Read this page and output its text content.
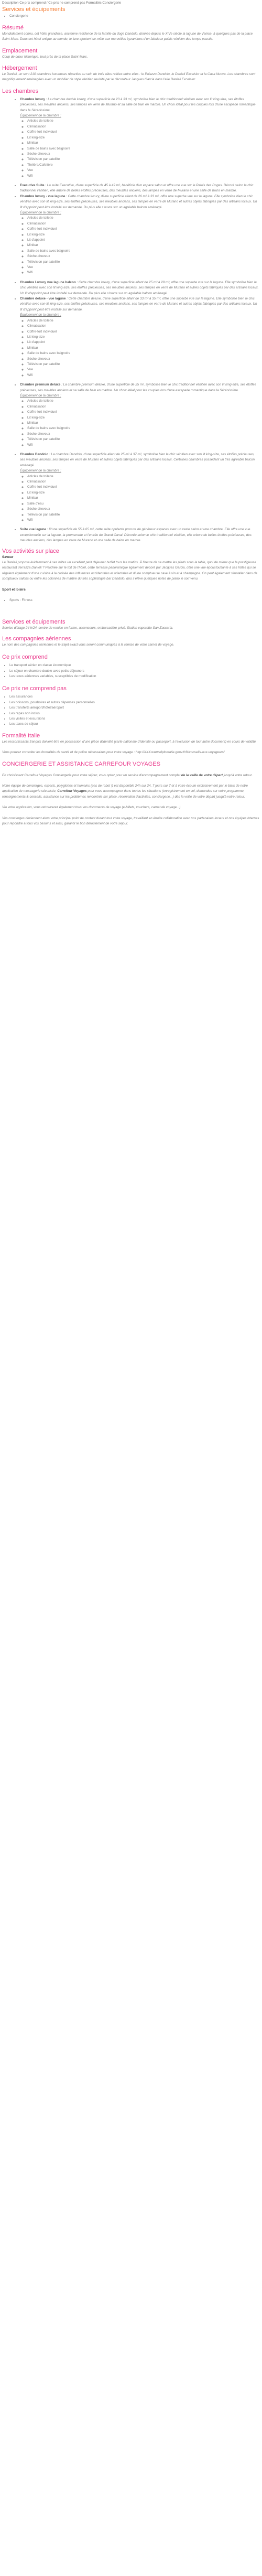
Description Ce prix comprend / Ce prix ne comprend pas Formalités Conciergerie
Services et équipements
• Conciergerie
Résumé

Mondialement connu, cet hôtel grandiose, ancienne résidence de la famille du doge Dandolo, donnée depuis le XIVe siècle la lagune de Venise, à quelques pas de la place Saint-Marc. Dans cet hôtel unique au monde, le luxe ajoutent se mêle aux merveilles byzantines d'un fabuleux palais vénitien des temps passés.

Emplacement

Coup de cœur historique, tout près de la place Saint-Marc.

Hébergement

Le Danieli, un sont 210 chambres luxueuses réparties au sein de trois ailes reliées entre elles : le Palazzo Dandolo, le Danieli Excelsior et la Casa Nuova. Les chambres sont magnifiquement aménagées avec un mobilier de style vénitien revisité par le décorateur Jacques Garcia dans l'aile Danieli Excelsior.

Les chambres
• Chambre luxury : La chambre double luxury, d'une superficie de 23 à 33 m², symbolise bien le chic traditionnel vénitien avec son lit king-size, ses étoffes précieuses, ses meubles anciens, ses lampes en verre de Murano et sa salle de bain en marbre. Un choix idéal pour les couples lors d'une escapade romantique dans la Sérénissime.
Équipement de la chambre :
◦ Articles de toilette
◦ Climatisation
◦ Coffre-fort individuel
◦ Lit king-size
◦ Minibar
◦ Salle de bains avec baignoire
◦ Sèche-cheveux
◦ Télévision par satellite
◦ Théière/Cafetière
◦ Vue
◦ Wifi
• Executive Suite : La suite Executive, d'une superficie de 45 à 49 m², bénéficie d'un espace salon et offre une vue sur le Palais des Doges. Décoré selon le chic traditionnel vénitien, elle arbore de belles étoffes précieuses, des meubles anciens, des lampes en verre de Murano et une salle de bains en marbre.
• Chambre luxury - vue lagune : Cette chambre luxury, d'une superficie allant de 26 m² à 33 m², offre une superbe vue sur la lagune. Elle symbolise bien le chic vénitien avec son lit king-size, ses étoffes précieuses, ses meubles anciens, ses lampes en verre de Murano et autres objets fabriqués par des artisans locaux. Un lit d'appoint peut être installé sur demande. Du plus elle s'ouvre sur un agréable balcon aménagé.
Équipement de la chambre :
◦ Articles de toilette
◦ Climatisation
◦ Coffre-fort individuel
◦ Lit king-size
◦ Lit d'appoint
◦ Minibar
◦ Salle de bains avec baignoire
◦ Sèche-cheveux
◦ Télévision par satellite
◦ Vue
◦ Wifi
• Chambre Luxury vue lagune balcon : Cette chambre luxury, d'une superficie allant de 25 m² à 28 m², offre une superbe vue sur la lagune. Elle symbolise bien le chic vénitien avec son lit king-size, ses étoffes précieuses, ses meubles anciens, ses lampes en verre de Murano et autres objets fabriqués par des artisans locaux. Un lit d'appoint peut être installé sur demande. Du plus elle s'ouvre sur un agréable balcon aménagé.
• Chambre deluxe - vue lagune : Cette chambre deluxe, d'une superficie allant de 33 m² à 35 m², offre une superbe vue sur la lagune. Elle symbolise bien le chic vénitien avec son lit king-size, ses étoffes précieuses, ses meubles anciens, ses lampes en verre de Murano et autres objets fabriqués par des artisans locaux. Un lit d'appoint peut être installé sur demande.
Équipement de la chambre :
◦ Articles de toilette
◦ Climatisation
◦ Coffre-fort individuel
◦ Lit king-size
◦ Lit d'appoint
◦ Minibar
◦ Salle de bains avec baignoire
◦ Sèche-cheveux
◦ Télévision par satellite
◦ Vue
◦ Wifi
• Chambre premium deluxe : La chambre premium deluxe, d'une superficie de 25 m², symbolise bien le chic traditionnel vénitien avec son lit king-size, ses étoffes précieuses, ses meubles anciens et sa salle de bain en marbre. Un choix idéal pour les couples lors d'une escapade romantique dans la Sérénissime.
Équipement de la chambre :
◦ Articles de toilette
◦ Climatisation
◦ Coffre-fort individuel
◦ Lit king-size
◦ Minibar
◦ Salle de bains avec baignoire
◦ Sèche-cheveux
◦ Télévision par satellite
◦ Wifi
• Chambre Dandolo : La chambre Dandolo, d'une superficie allant de 25 m² à 37 m², symbolise bien le chic vénitien avec son lit king-size, ses étoffes précieuses, ses meubles anciens, ses lampes en verre de Murano et autres objets fabriqués par des artisans locaux. Certaines chambres possèdent un très agréable balcon aménagé.
Équipement de la chambre :
◦ Articles de toilette
◦ Climatisation
◦ Coffre-fort individuel
◦ Lit king-size
◦ Minibar
◦ Salle d'eau
◦ Sèche-cheveux
◦ Télévision par satellite
◦ Wifi
• Suite vue lagune : D'une superficie de 55 à 65 m², cette suite opulente procure de généreux espaces avec un vaste salon et une chambre. Elle offre une vue exceptionnelle sur la lagune, la promenade et l'entrée du Grand Canal. Décorée selon le chic traditionnel vénitien, elle arbore de belles étoffes précieuses, des meubles anciens, des lampes en verre de Murano et une salle de bains en marbre.
Vos activités sur place
Saveur

Le Danieli propose évidemment à ses hôtes un excellent petit déjeuner buffet tous les matins. À l'heure de se mettre les pieds sous la table, quoi de mieux que la prestigieuse restaurant Terrazza Danieli ? Perchée sur le toit de l'hôtel, cette terrasse panoramique également décoré par Jacques Garcia, offre une vue époustouflante à ses hôtes qui se régalent également d'une cuisine à la croisée des influences occidentales et orientales et d'une somptueuse cave à vin et à champagne. On peut également s'installer dans de somptueux salons ou entre les colonnes de marbre du très sophistiqué bar Dandolo, doù s'élève quelques notes de piano le soir venu.

Sport et loisirs
• Sports : Fitness
Services et équipements

Service d'étage 24 h/24, centre de remise en forme, ascenseurs, embarcadère privé. Station vaporetto San Zaccaria.

Les compagnies aériennes

Le nom des compagnies aériennes et le trajet exact vous seront communiqués à la remise de votre carnet de voyage.

Ce prix comprend
• Le transport aérien en classe économique
• Le séjour en chambre double avec petits déjeuners
• Les taxes aériennes variables, susceptibles de modification
Ce prix ne comprend pas
• Les assurances
• Les boissons, pourboires et autres dépenses personnelles
• Les transferts aéroport/hôtel/aéroport
• Les repas non inclus
• Les visites et excursions
• Les taxes de séjour
Formalité Italie

Les ressortissants français doivent être en possession d'une pièce d'identité (carte nationale d'identité ou passeport, à l'exclusion de tout autre document) en cours de validité.

Vous pouvez consulter les formalités de santé et de police nécessaires pour votre voyage : http://XXX.www.diplomatie.gouv.fr/fr/conseils-aux-voyageurs/

CONCIERGERIE ET ASSISTANCE CARREFOUR VOYAGES

En choisissant Carrefour Voyages Conciergerie pour votre séjour, vous optez pour un service d'accompagnement complet de la veille de votre départ jusqu'à votre retour.

Notre équipe de concierges, experts, polyglottes et humains (pas de robot !) est disponible 24h sur 24, 7 jours sur 7 et à votre écoute exclusivement par le biais de notre application de messagerie sécurisée, Carrefour Voyages pour vous accompagner dans toutes les situations (enregistrement en vol, demandes sur votre programme, renseignements & conseils, assistance sur les problèmes rencontrés sur place, réservation d'activités, conciergerie...) dès la veille de votre départ jusqu'à votre retour.

Via votre application, vous retrouverez également tous vos documents de voyage (e-billets, vouchers, carnet de voyage...)

Vos concierges deviennent alors votre principal point de contact durant tout votre voyage, travaillant en étroite collaboration avec nos partenaires locaux et nos équipes internes pour répondre à tous vos besoins et ainsi, garantir le bon déroulement de votre séjour.
